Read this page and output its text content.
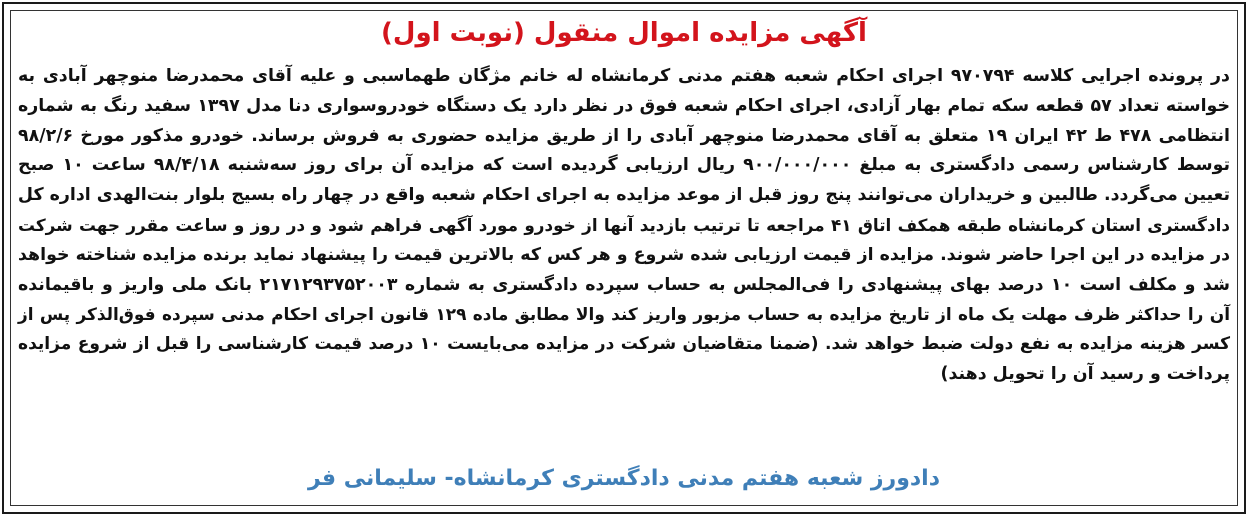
آگهی مزایده اموال منقول (نوبت اول)
در پرونده اجرایی کلاسه ۹۷۰۷۹۴ اجرای احکام شعبه هفتم مدنی کرمانشاه له خانم مژگان طهماسبی و علیه آقای محمدرضا منوچهر آبادی به
خواسته تعداد ۵۷ قطعه سکه تمام بهار آزادی، اجرای احکام شعبه فوق در نظر دارد یک دستگاه خودروسواری دنا مدل ۱۳۹۷ سفید رنگ به شماره
انتظامی ۴۷۸ ط ۴۲ ایران ۱۹ متعلق به آقای محمدرضا منوچهر آبادی را از طریق مزایده حضوری به فروش برساند. خودرو مذکور مورخ ۹۸/۲/۶
توسط کارشناس رسمی دادگستری به مبلغ ۹۰۰/۰۰۰/۰۰۰ ریال ارزیابی گردیده است که مزایده آن برای روز سه‌شنبه ۹۸/۴/۱۸ ساعت ۱۰ صبح
تعیین می‌گردد. طالبین و خریداران می‌توانند پنج روز قبل از موعد مزایده به اجرای احکام شعبه واقع در چهار راه بسیج بلوار بنت‌الهدی اداره کل
دادگستری استان کرمانشاه طبقه همکف اتاق ۴۱ مراجعه تا ترتیب بازدید آنها از خودرو مورد آگهی فراهم شود و در روز و ساعت مقرر جهت شرکت
در مزایده در این اجرا حاضر شوند. مزایده از قیمت ارزیابی شده شروع و هر کس که بالاترین قیمت را پیشنهاد نماید برنده مزایده شناخته خواهد
شد و مکلف است ۱۰ درصد بهای پیشنهادی را فی‌المجلس به حساب سپرده دادگستری به شماره ۲۱۷۱۲۹۳۷۵۲۰۰۳ بانک ملی واریز و باقیمانده
آن را حداکثر ظرف مهلت یک ماه از تاریخ مزایده به حساب مزبور واریز کند والا مطابق ماده ۱۲۹ قانون اجرای احکام مدنی سپرده فوق‌الذکر پس از
کسر هزینه مزایده به نفع دولت ضبط خواهد شد. (ضمنا متقاضیان شرکت در مزایده می‌بایست ۱۰ درصد قیمت کارشناسی را قبل از شروع مزایده
پرداخت و رسید آن را تحویل دهند)
دادورز شعبه هفتم مدنی دادگستری کرمانشاه- سلیمانی فر
